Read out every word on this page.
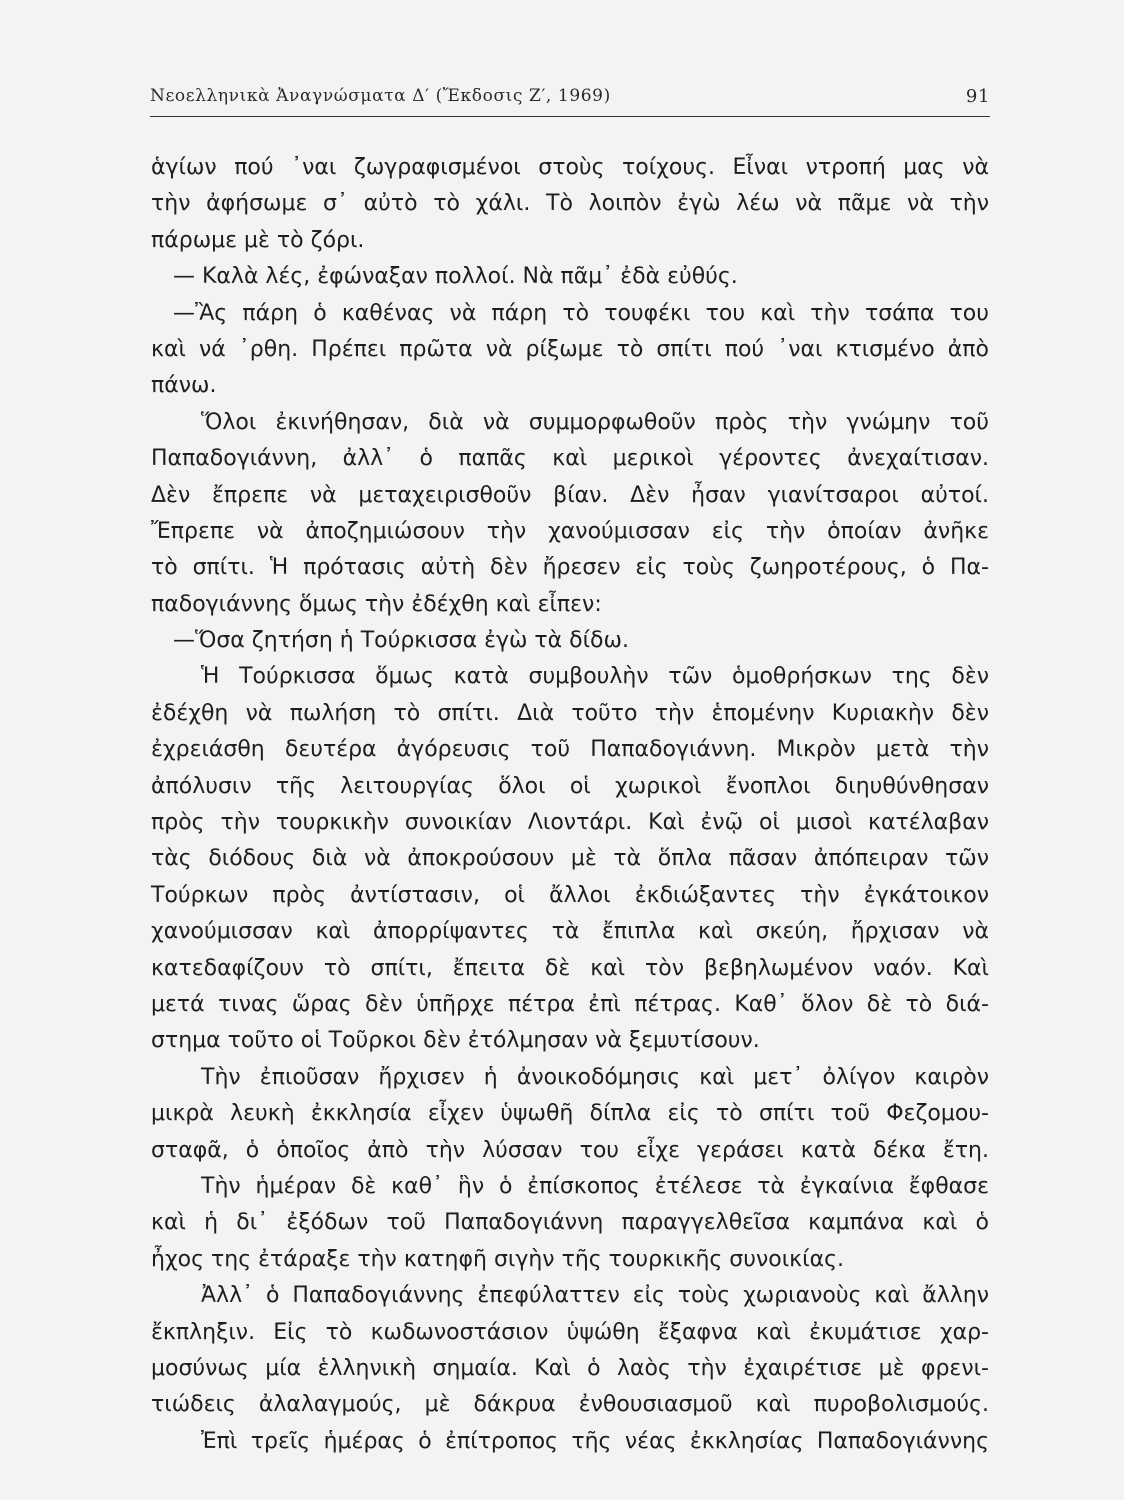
Νεοελληνικὰ Ἀναγνώσματα Δ′ (Ἔκδοσις Ζ′, 1969)	91
ἁγίων πού ᾿ναι ζωγραφισμένοι στοὺς τοίχους. Εἶναι ντροπή μας νὰ
τὴν ἀφήσωμε σ᾿ αὐτὸ τὸ χάλι. Τὸ λοιπὸν ἐγὼ λέω νὰ πᾶμε νὰ τὴν
πάρωμε μὲ τὸ ζόρι.
— Καλὰ λές, ἐφώναξαν πολλοί. Νὰ πᾶμ᾿ ἐδὰ εὐθύς.
—Ἂς πάρη ὁ καθένας νὰ πάρη τὸ τουφέκι του καὶ τὴν τσάπα του
καὶ νά ᾿ρθη. Πρέπει πρῶτα νὰ ρίξωμε τὸ σπίτι πού ᾿ναι κτισμένο ἀπὸ
πάνω.
Ὅλοι ἐκινήθησαν, διὰ νὰ συμμορφωθοῦν πρὸς τὴν γνώμην τοῦ
Παπαδογιάννη, ἀλλ᾿ ὁ παπᾶς καὶ μερικοὶ γέροντες ἀνεχαίτισαν.
Δὲν ἔπρεπε νὰ μεταχειρισθοῦν βίαν. Δὲν ἦσαν γιανίτσαροι αὐτοί.
Ἔπρεπε νὰ ἀποζημιώσουν τὴν χανούμισσαν εἰς τὴν ὁποίαν ἀνῆκε
τὸ σπίτι. Ἡ πρότασις αὐτὴ δὲν ἤρεσεν εἰς τοὺς ζωηροτέρους, ὁ Πα-
παδογιάννης ὅμως τὴν ἐδέχθη καὶ εἶπεν:
—Ὅσα ζητήση ἡ Τούρκισσα ἐγὼ τὰ δίδω.
Ἡ Τούρκισσα ὅμως κατὰ συμβουλὴν τῶν ὁμοθρήσκων της δὲν
ἐδέχθη νὰ πωλήση τὸ σπίτι. Διὰ τοῦτο τὴν ἑπομένην Κυριακὴν δὲν
ἐχρειάσθη δευτέρα ἀγόρευσις τοῦ Παπαδογιάννη. Μικρὸν μετὰ τὴν
ἀπόλυσιν τῆς λειτουργίας ὅλοι οἱ χωρικοὶ ἔνοπλοι διηυθύνθησαν
πρὸς τὴν τουρκικὴν συνοικίαν Λιοντάρι. Καὶ ἐνῷ οἱ μισοὶ κατέλαβαν
τὰς διόδους διὰ νὰ ἀποκρούσουν μὲ τὰ ὅπλα πᾶσαν ἀπόπειραν τῶν
Τούρκων πρὸς ἀντίστασιν, οἱ ἄλλοι ἐκδιώξαντες τὴν ἐγκάτοικον
χανούμισσαν καὶ ἀπορρίψαντες τὰ ἔπιπλα καὶ σκεύη, ἤρχισαν νὰ
κατεδαφίζουν τὸ σπίτι, ἔπειτα δὲ καὶ τὸν βεβηλωμένον ναόν. Καὶ
μετά τινας ὥρας δὲν ὑπῆρχε πέτρα ἐπὶ πέτρας. Καθ᾿ ὅλον δὲ τὸ διά-
στημα τοῦτο οἱ Τοῦρκοι δὲν ἐτόλμησαν νὰ ξεμυτίσουν.
Τὴν ἐπιοῦσαν ἤρχισεν ἡ ἀνοικοδόμησις καὶ μετ᾿ ὀλίγον καιρὸν
μικρὰ λευκὴ ἐκκλησία εἶχεν ὑψωθῆ δίπλα εἰς τὸ σπίτι τοῦ Φεζομου-
σταφᾶ, ὁ ὁποῖος ἀπὸ τὴν λύσσαν του εἶχε γεράσει κατὰ δέκα ἔτη.
Τὴν ἡμέραν δὲ καθ᾿ ἣν ὁ ἐπίσκοπος ἐτέλεσε τὰ ἐγκαίνια ἔφθασε
καὶ ἡ δι᾿ ἐξόδων τοῦ Παπαδογιάννη παραγγελθεῖσα καμπάνα καὶ ὁ
ἦχος της ἐτάραξε τὴν κατηφῆ σιγὴν τῆς τουρκικῆς συνοικίας.
Ἀλλ᾿ ὁ Παπαδογιάννης ἐπεφύλαττεν εἰς τοὺς χωριανοὺς καὶ ἄλλην
ἔκπληξιν. Εἰς τὸ κωδωνοστάσιον ὑψώθη ἔξαφνα καὶ ἐκυμάτισε χαρ-
μοσύνως μία ἑλληνικὴ σημαία. Καὶ ὁ λαὸς τὴν ἐχαιρέτισε μὲ φρενι-
τιώδεις ἀλαλαγμούς, μὲ δάκρυα ἐνθουσιασμοῦ καὶ πυροβολισμούς.
Ἐπὶ τρεῖς ἡμέρας ὁ ἐπίτροπος τῆς νέας ἐκκλησίας Παπαδογιάννης
